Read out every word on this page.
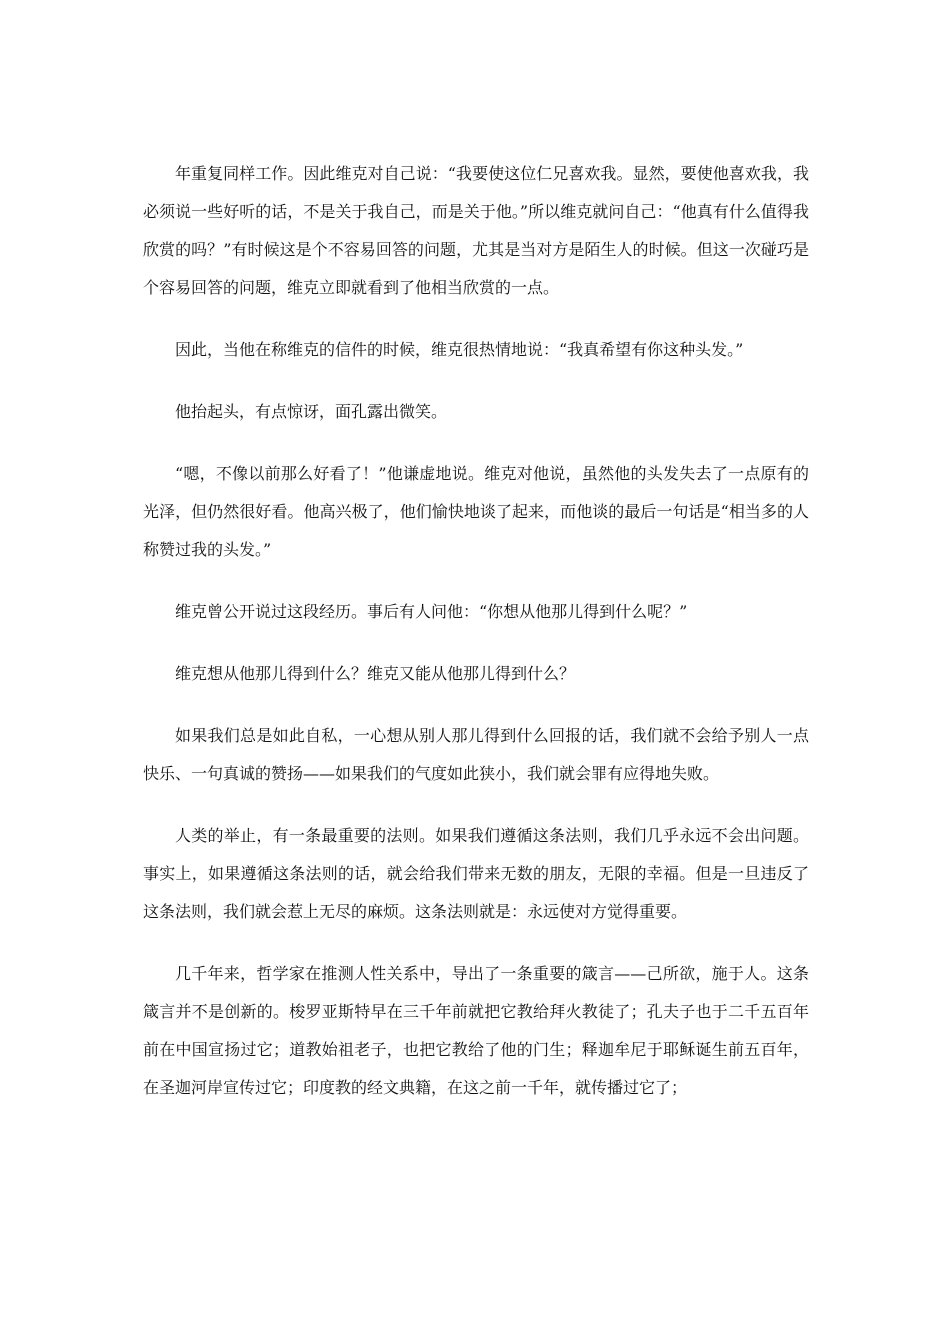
年重复同样工作。因此维克对自己说：“我要使这位仁兄喜欢我。显然，要使他喜欢我，我必须说一些好听的话，不是关于我自己，而是关于他。”所以维克就问自己：“他真有什么值得我欣赏的吗？”有时候这是个不容易回答的问题，尤其是当对方是陌生人的时候。但这一次碰巧是个容易回答的问题，维克立即就看到了他相当欣赏的一点。

因此，当他在称维克的信件的时候，维克很热情地说：“我真希望有你这种头发。”

他抬起头，有点惊讶，面孔露出微笑。

“嗯，不像以前那么好看了！”他谦虚地说。维克对他说，虽然他的头发失去了一点原有的光泽，但仍然很好看。他高兴极了，他们愉快地谈了起来，而他谈的最后一句话是“相当多的人称赞过我的头发。”

维克曾公开说过这段经历。事后有人问他：“你想从他那儿得到什么呢？”

维克想从他那儿得到什么？维克又能从他那儿得到什么？

如果我们总是如此自私，一心想从别人那儿得到什么回报的话，我们就不会给予别人一点快乐、一句真诚的赞扬——如果我们的气度如此狭小，我们就会罪有应得地失败。

人类的举止，有一条最重要的法则。如果我们遵循这条法则，我们几乎永远不会出问题。事实上，如果遵循这条法则的话，就会给我们带来无数的朋友，无限的幸福。但是一旦违反了这条法则，我们就会惹上无尽的麻烦。这条法则就是：永远使对方觉得重要。

几千年来，哲学家在推测人性关系中，导出了一条重要的箴言——己所欲，施于人。这条箴言并不是创新的。梭罗亚斯特早在三千年前就把它教给拜火教徒了；孔夫子也于二千五百年前在中国宣扬过它；道教始祖老子，也把它教给了他的门生；释迦牟尼于耶稣诞生前五百年，在圣迦河岸宣传过它；印度教的经文典籍，在这之前一千年，就传播过它了；
